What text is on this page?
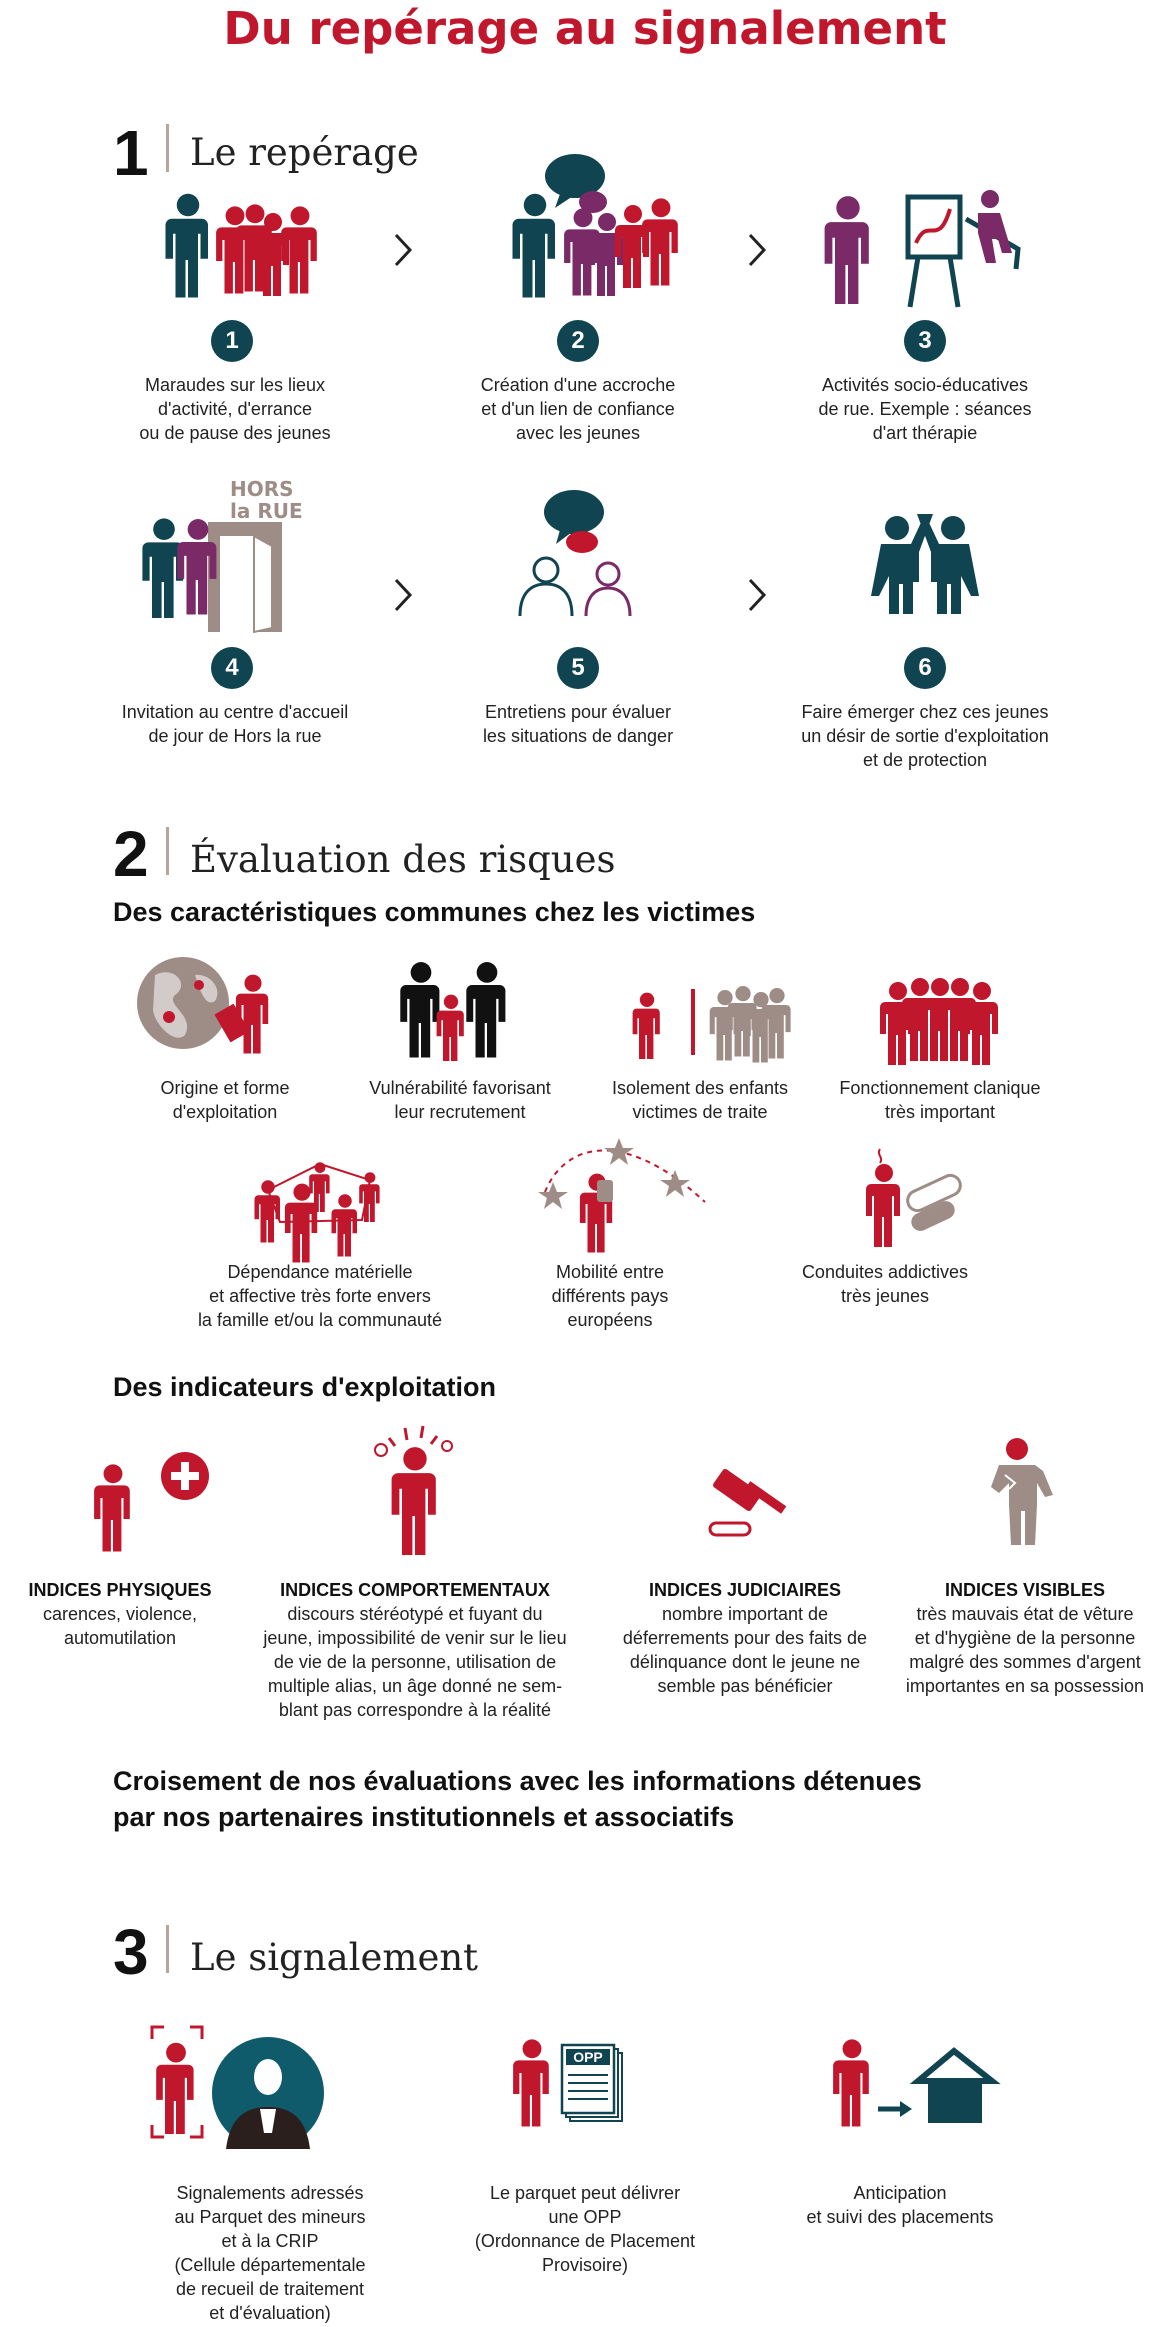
Du repérage au signalement
1 Le repérage
1
Maraudes sur les lieux
d'activité, d'errance
ou de pause des jeunes
2
Création d'une accroche
et d'un lien de confiance
avec les jeunes
3
Activités socio-éducatives
de rue. Exemple : séances
d'art thérapie
HORS
la RUE
4
Invitation au centre d'accueil
de jour de Hors la rue
5
Entretiens pour évaluer
les situations de danger
6
Faire émerger chez ces jeunes
un désir de sortie d'exploitation
et de protection
2 Évaluation des risques
Des caractéristiques communes chez les victimes
Origine et forme
d'exploitation
Vulnérabilité favorisant
leur recrutement
Isolement des enfants
victimes de traite
Fonctionnement clanique
très important
Dépendance matérielle
et affective très forte envers
la famille et/ou la communauté
Mobilité entre
différents pays
européens
Conduites addictives
très jeunes
Des indicateurs d'exploitation
INDICES PHYSIQUES
carences, violence,
automutilation
INDICES COMPORTEMENTAUX
discours stéréotypé et fuyant du
jeune, impossibilité de venir sur le lieu
de vie de la personne, utilisation de
multiple alias, un âge donné ne sem-
blant pas correspondre à la réalité
INDICES JUDICIAIRES
nombre important de
déferrements pour des faits de
délinquance dont le jeune ne
semble pas bénéficier
INDICES VISIBLES
très mauvais état de vêture
et d'hygiène de la personne
malgré des sommes d'argent
importantes en sa possession
Croisement de nos évaluations avec les informations détenues
par nos partenaires institutionnels et associatifs
3 Le signalement
OPP
Signalements adressés
au Parquet des mineurs
et à la CRIP
(Cellule départementale
de recueil de traitement
et d'évaluation)
Le parquet peut délivrer
une OPP
(Ordonnance de Placement
Provisoire)
Anticipation
et suivi des placements
